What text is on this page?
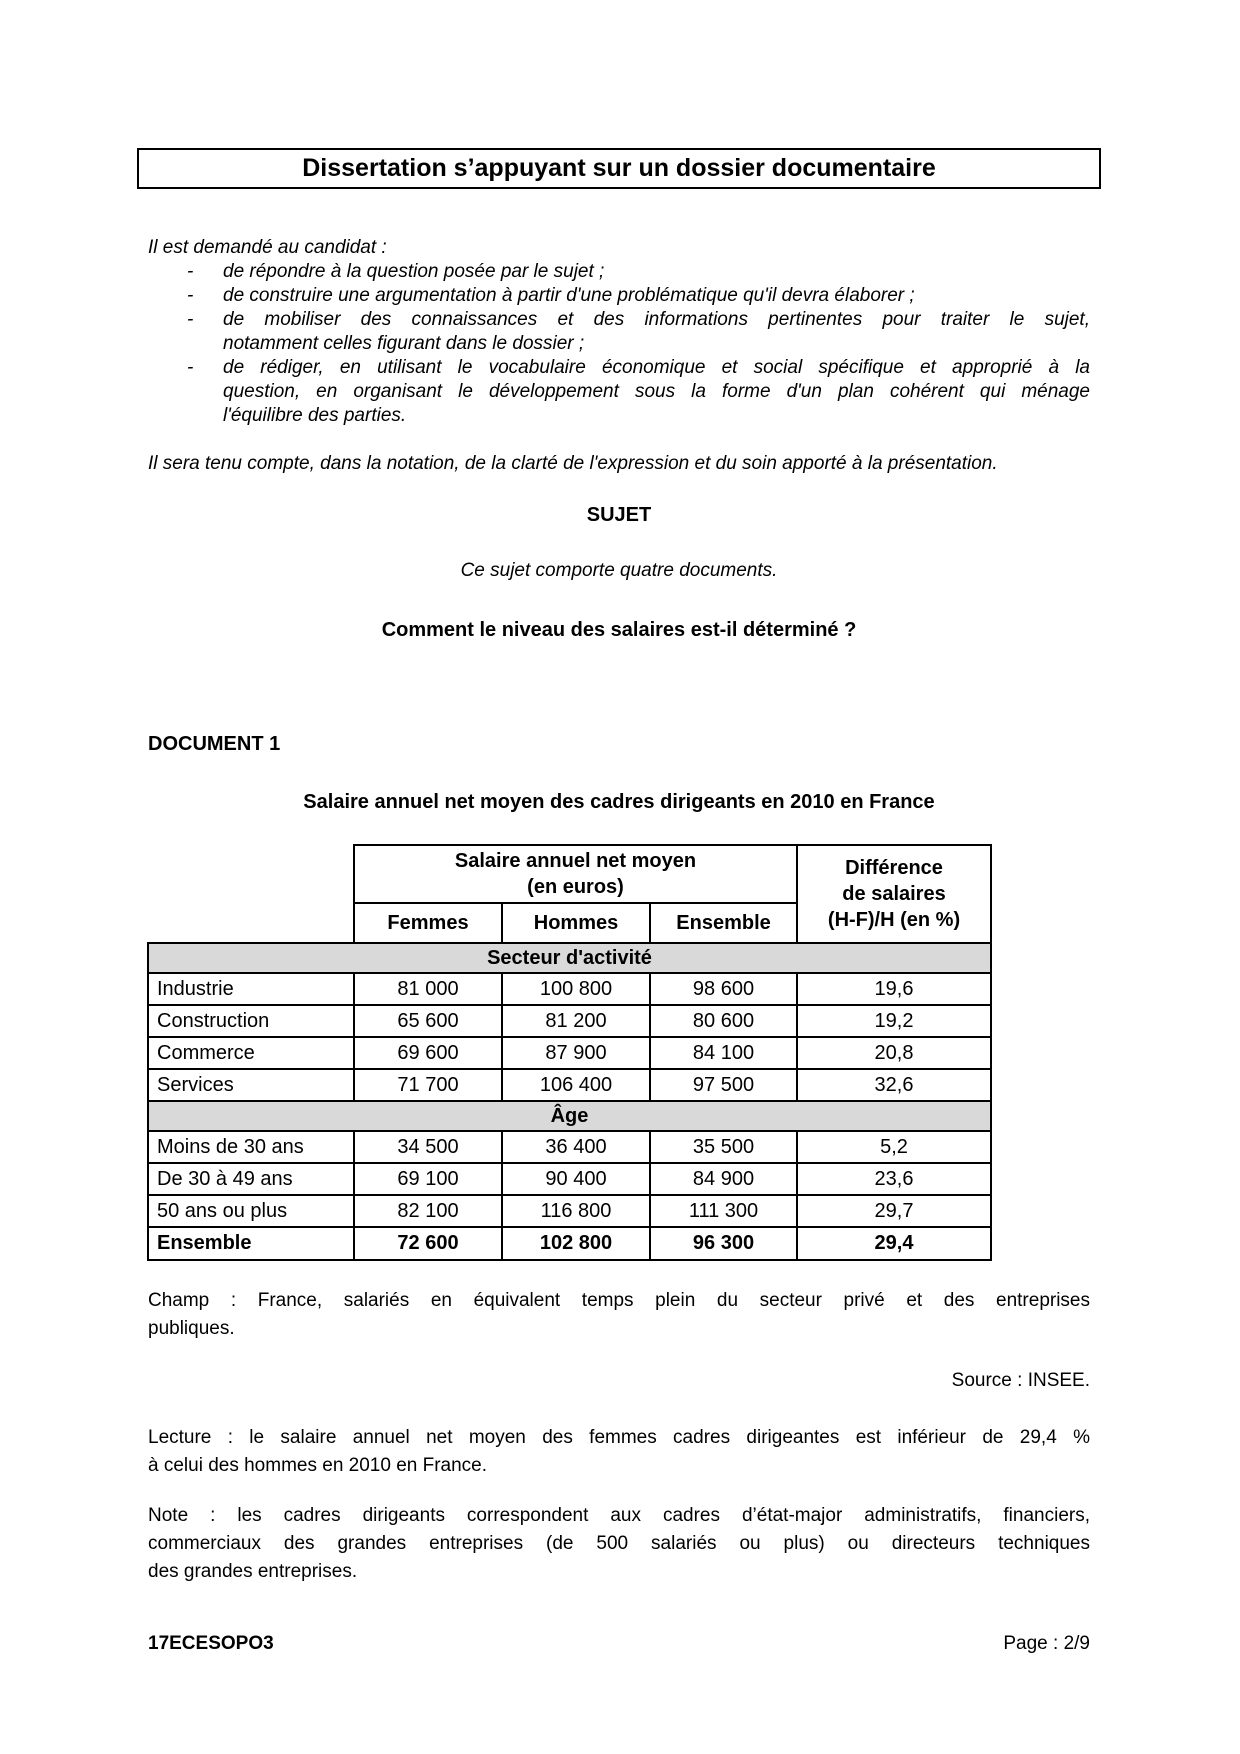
Dissertation s’appuyant sur un dossier documentaire
Il est demandé au candidat :
- de répondre à la question posée par le sujet ;
- de construire une argumentation à partir d'une problématique qu'il devra élaborer ;
- de mobiliser des connaissances et des informations pertinentes pour traiter le sujet,
notamment celles figurant dans le dossier ;
- de rédiger, en utilisant le vocabulaire économique et social spécifique et approprié à la
question, en organisant le développement sous la forme d'un plan cohérent qui ménage
l'équilibre des parties.
Il sera tenu compte, dans la notation, de la clarté de l'expression et du soin apporté à la présentation.
SUJET
Ce sujet comporte quatre documents.
Comment le niveau des salaires est-il déterminé ?
DOCUMENT 1
Salaire annuel net moyen des cadres dirigeants en 2010 en France

Salaire annuel net moyen
(en euros)

Différence
de salaires
(H-F)/H (en %)

	Femmes	Hommes	Ensemble	
Secteur d'activité				
Industrie	81 000	100 800	98 600	19,6
Construction	65 600	81 200	80 600	19,2
Commerce	69 600	87 900	84 100	20,8
Services	71 700	106 400	97 500	32,6
Âge				
Moins de 30 ans	34 500	36 400	35 500	5,2
De 30 à 49 ans	69 100	90 400	84 900	23,6
50 ans ou plus	82 100	116 800	111 300	29,7
Ensemble	72 600	102 800	96 300	29,4
Champ : France, salariés en équivalent temps plein du secteur privé et des entreprises
publiques.
Source : INSEE.
Lecture : le salaire annuel net moyen des femmes cadres dirigeantes est inférieur de 29,4 %
à celui des hommes en 2010 en France.
Note : les cadres dirigeants correspondent aux cadres d’état-major administratifs, financiers,
commerciaux des grandes entreprises (de 500 salariés ou plus) ou directeurs techniques
des grandes entreprises.
17ECESOPO3	Page : 2/9
